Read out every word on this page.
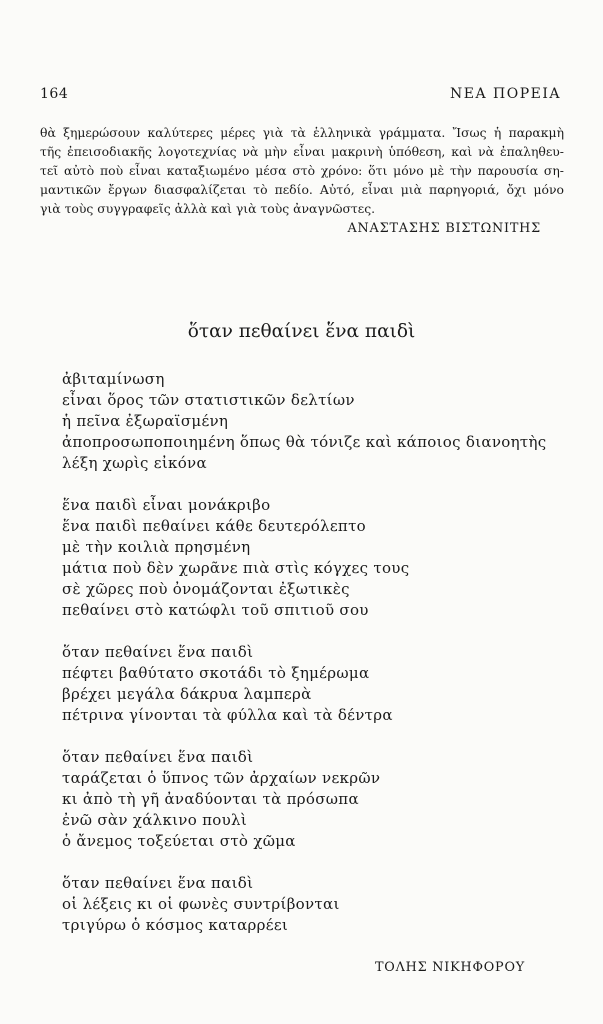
164	ΝΕΑ ΠΟΡΕΙΑ
θὰ ξημερώσουν καλύτερες μέρες γιὰ τὰ ἑλληνικὰ γράμματα. Ἴσως ἡ παρακμὴ
τῆς ἐπεισοδιακῆς λογοτεχνίας νὰ μὴν εἶναι μακρινὴ ὑπόθεση, καὶ νὰ ἐπαληθευ-
τεῖ αὐτὸ ποὺ εἶναι καταξιωμένο μέσα στὸ χρόνο: ὅτι μόνο μὲ τὴν παρουσία ση-
μαντικῶν ἔργων διασφαλίζεται τὸ πεδίο. Αὐτό, εἶναι μιὰ παρηγοριά, ὄχι μόνο
γιὰ τοὺς συγγραφεῖς ἀλλὰ καὶ γιὰ τοὺς ἀναγνῶστες.
ΑΝΑΣΤΑΣΗΣ ΒΙΣΤΩΝΙΤΗΣ
ὅταν πεθαίνει ἕνα παιδὶ
ἀβιταμίνωση
εἶναι ὅρος τῶν στατιστικῶν δελτίων
ἡ πεῖνα ἐξωραϊσμένη
ἀποπροσωποποιημένη ὅπως θὰ τόνιζε καὶ κάποιος διανοητὴς
λέξη χωρὶς εἰκόνα
ἕνα παιδὶ εἶναι μονάκριβο
ἕνα παιδὶ πεθαίνει κάθε δευτερόλεπτο
μὲ τὴν κοιλιὰ πρησμένη
μάτια ποὺ δὲν χωρᾶνε πιὰ στὶς κόγχες τους
σὲ χῶρες ποὺ ὀνομάζονται ἐξωτικὲς
πεθαίνει στὸ κατώφλι τοῦ σπιτιοῦ σου
ὅταν πεθαίνει ἕνα παιδὶ
πέφτει βαθύτατο σκοτάδι τὸ ξημέρωμα
βρέχει μεγάλα δάκρυα λαμπερὰ
πέτρινα γίνονται τὰ φύλλα καὶ τὰ δέντρα
ὅταν πεθαίνει ἕνα παιδὶ
ταράζεται ὁ ὕπνος τῶν ἀρχαίων νεκρῶν
κι ἀπὸ τὴ γῆ ἀναδύονται τὰ πρόσωπα
ἐνῶ σὰν χάλκινο πουλὶ
ὁ ἄνεμος τοξεύεται στὸ χῶμα
ὅταν πεθαίνει ἕνα παιδὶ
οἱ λέξεις κι οἱ φωνὲς συντρίβονται
τριγύρω ὁ κόσμος καταρρέει
ΤΟΛΗΣ ΝΙΚΗΦΟΡΟΥ
